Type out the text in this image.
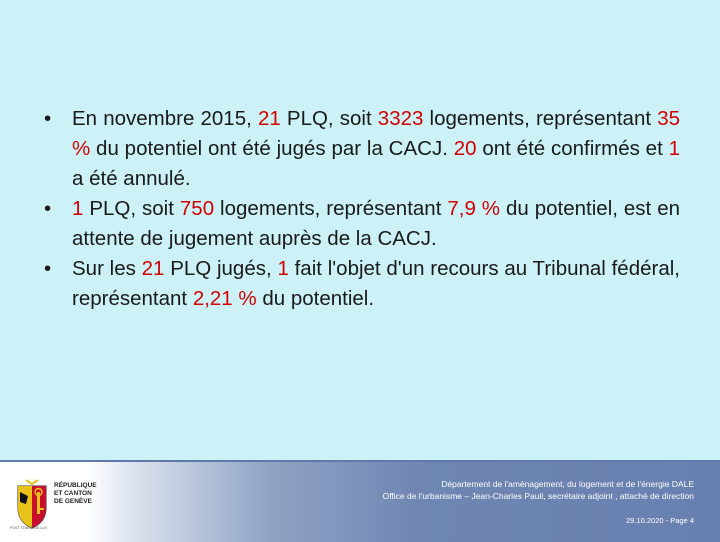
•	En novembre 2015, 21 PLQ, soit 3323 logements, représentant 35 % du potentiel ont été jugés par la CACJ. 20 ont été confirmés et 1 a été annulé.
•	1 PLQ, soit 750 logements, représentant 7,9 % du potentiel, est en attente de jugement auprès de la CACJ.
•	Sur les 21 PLQ jugés, 1 fait l'objet d'un recours au Tribunal fédéral, représentant 2,21 % du potentiel.
RÉPUBLIQUE
ET CANTON
DE GENÈVE
POST TENEBRAS LUX
Département de l'aménagement, du logement et de l'énergie DALE
Office de l'urbanisme – Jean-Charles Pauli, secrétaire adjoint , attaché de direction
29.10.2020 - Page 4
